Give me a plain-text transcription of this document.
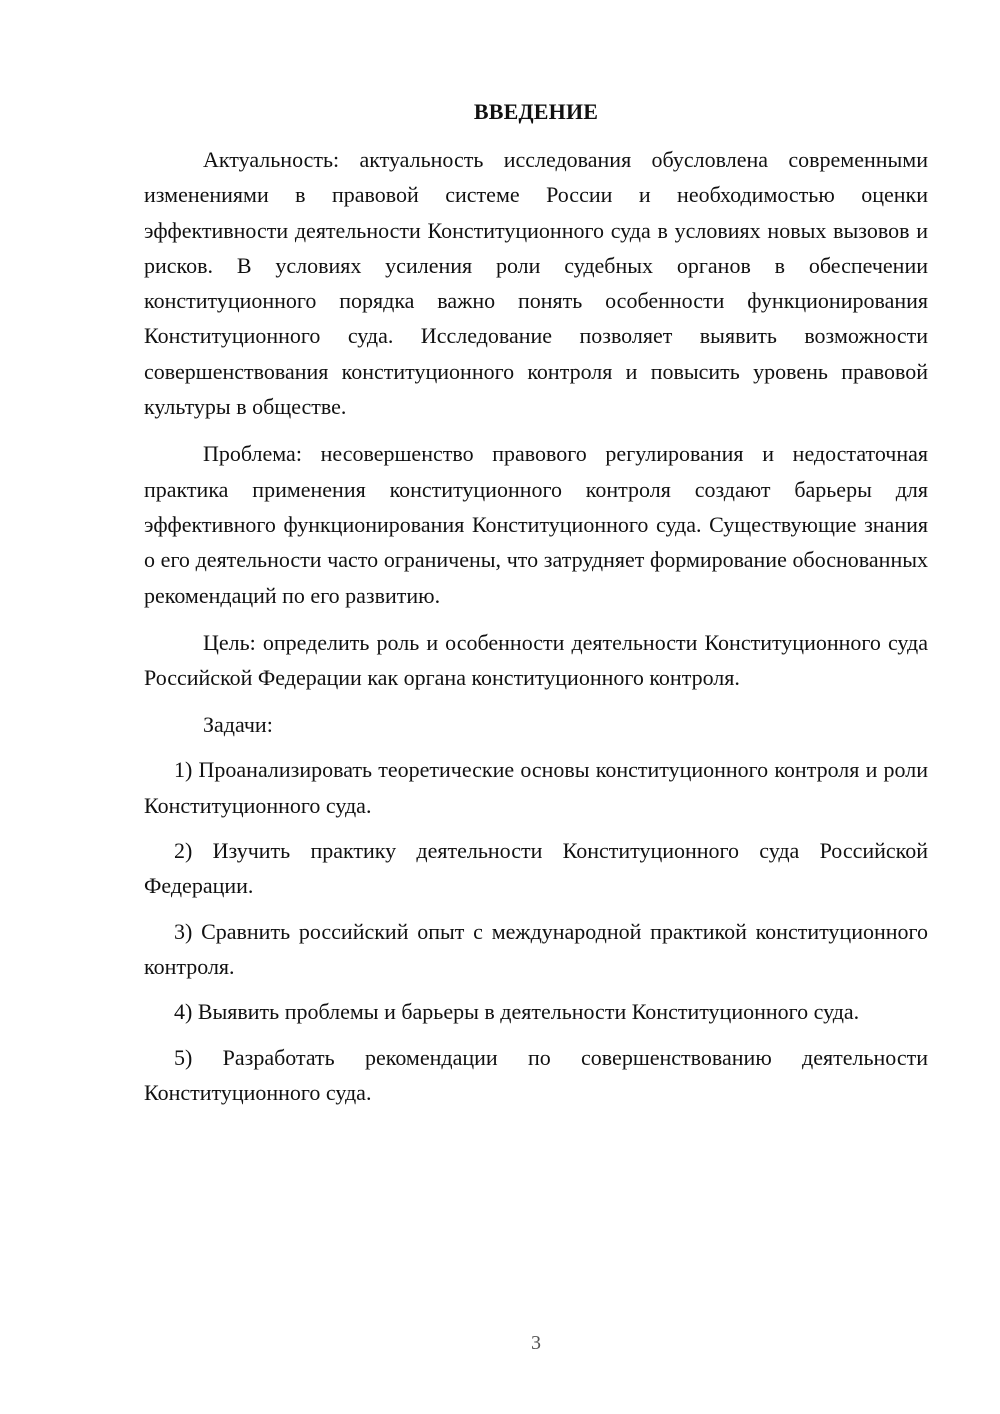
ВВЕДЕНИЕ

Актуальность: актуальность исследования обусловлена современными изменениями в правовой системе России и необходимостью оценки эффективности деятельности Конституционного суда в условиях новых вызовов и рисков. В условиях усиления роли судебных органов в обеспечении конституционного порядка важно понять особенности функционирования Конституционного суда. Исследование позволяет выявить возможности совершенствования конституционного контроля и повысить уровень правовой культуры в обществе.

Проблема: несовершенство правового регулирования и недостаточная практика применения конституционного контроля создают барьеры для эффективного функционирования Конституционного суда. Существующие знания о его деятельности часто ограничены, что затрудняет формирование обоснованных рекомендаций по его развитию.

Цель: определить роль и особенности деятельности Конституционного суда Российской Федерации как органа конституционного контроля.

Задачи:

1) Проанализировать теоретические основы конституционного контроля и роли Конституционного суда.

2) Изучить практику деятельности Конституционного суда Российской Федерации.

3) Сравнить российский опыт с международной практикой конституционного контроля.

4) Выявить проблемы и барьеры в деятельности Конституционного суда.

5) Разработать рекомендации по совершенствованию деятельности Конституционного суда.

3
